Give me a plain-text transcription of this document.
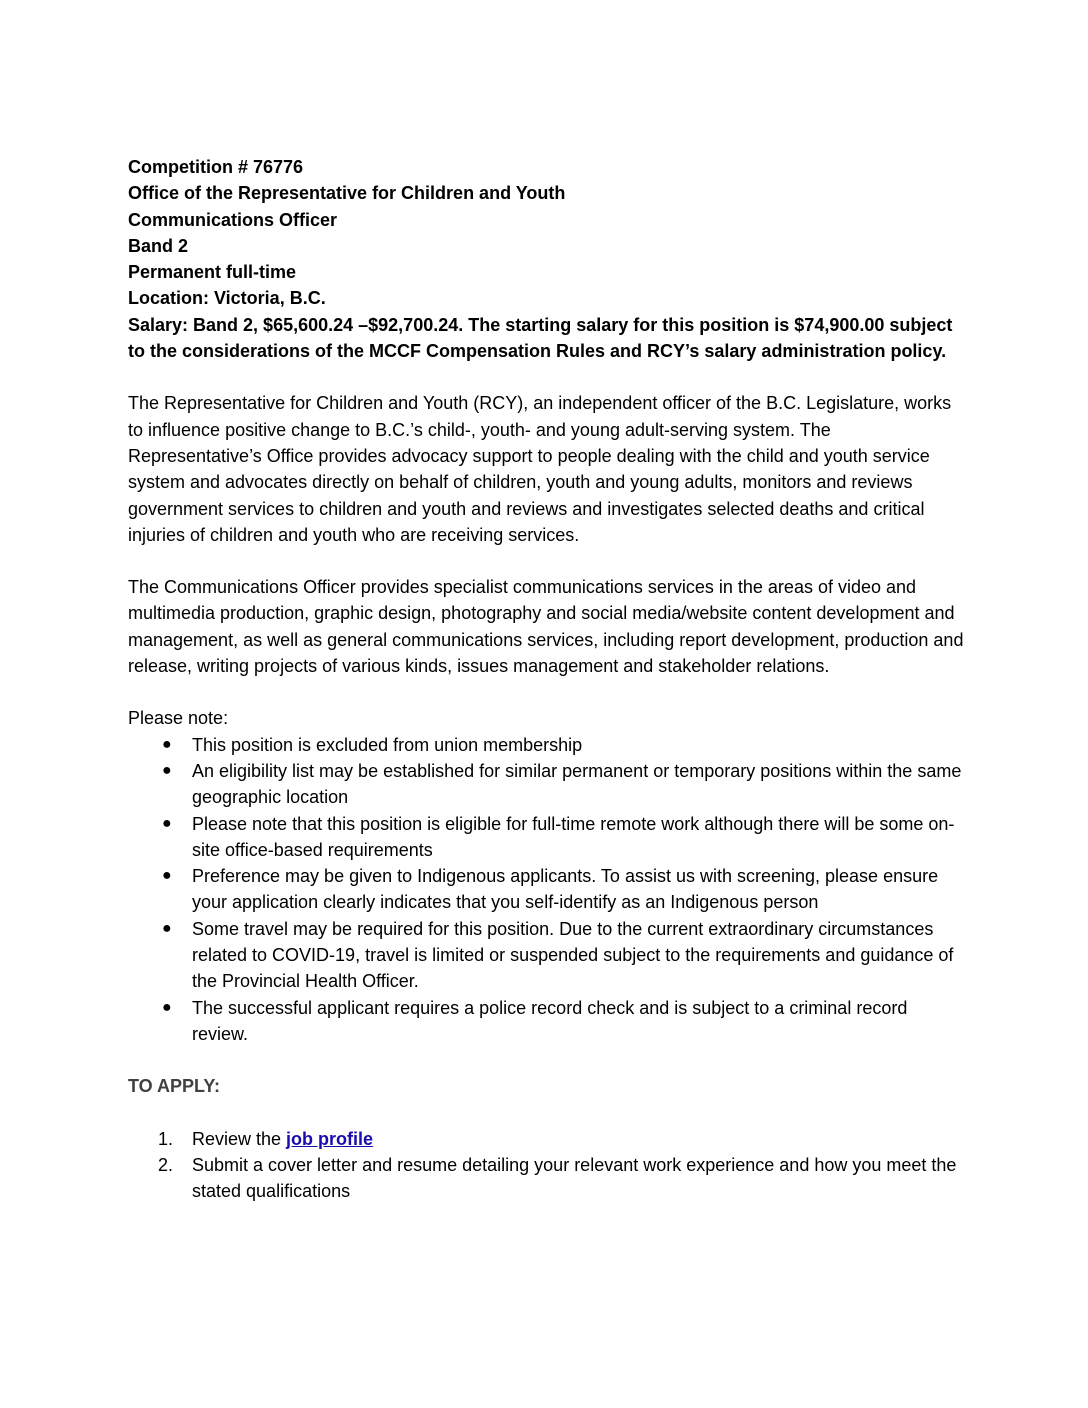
Competition # 76776

Office of the Representative for Children and Youth

Communications Officer

Band 2

Permanent full-time

Location: Victoria, B.C.

Salary: Band 2, $65,600.24 –$92,700.24. The starting salary for this position is $74,900.00 subject to the considerations of the MCCF Compensation Rules and RCY’s salary administration policy.

The Representative for Children and Youth (RCY), an independent officer of the B.C. Legislature, works to influence positive change to B.C.’s child-, youth- and young adult-serving system. The Representative’s Office provides advocacy support to people dealing with the child and youth service system and advocates directly on behalf of children, youth and young adults, monitors and reviews government services to children and youth and reviews and investigates selected deaths and critical injuries of children and youth who are receiving services.

The Communications Officer provides specialist communications services in the areas of video and multimedia production, graphic design, photography and social media/website content development and management, as well as general communications services, including report development, production and release, writing projects of various kinds, issues management and stakeholder relations.

Please note:

● This position is excluded from union membership
● An eligibility list may be established for similar permanent or temporary positions within the same geographic location
● Please note that this position is eligible for full-time remote work although there will be some on-site office-based requirements
● Preference may be given to Indigenous applicants. To assist us with screening, please ensure your application clearly indicates that you self-identify as an Indigenous person
● Some travel may be required for this position. Due to the current extraordinary circumstances related to COVID-19, travel is limited or suspended subject to the requirements and guidance of the Provincial Health Officer.
● The successful applicant requires a police record check and is subject to a criminal record review.

TO APPLY:

1. Review the job profile
2. Submit a cover letter and resume detailing your relevant work experience and how you meet the stated qualifications
